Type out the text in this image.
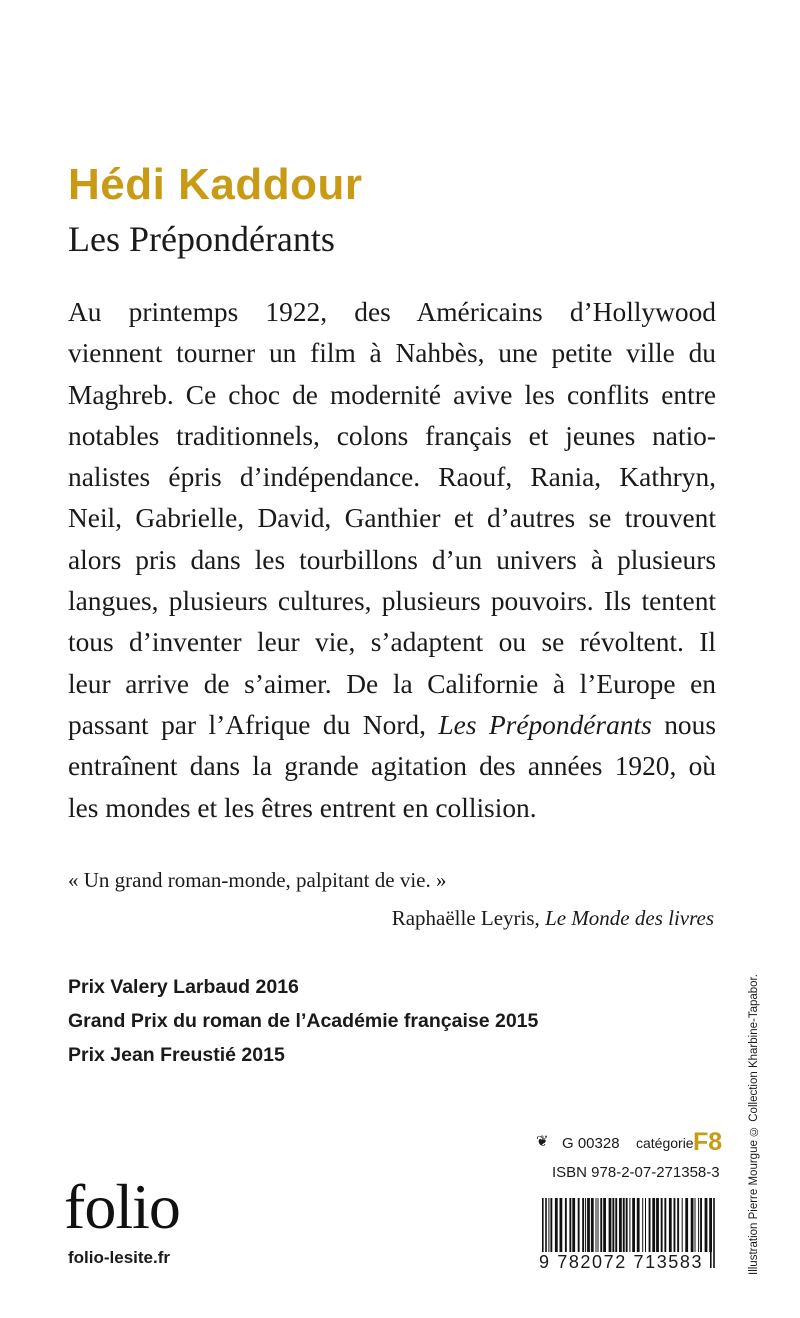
Hédi Kaddour
Les Prépondérants
Au printemps 1922, des Américains d’Hollywood
viennent tourner un film à Nahbès, une petite ville du
Maghreb. Ce choc de modernité avive les conflits entre
notables traditionnels, colons français et jeunes natio-
nalistes épris d’indépendance. Raouf, Rania, Kathryn,
Neil, Gabrielle, David, Ganthier et d’autres se trouvent
alors pris dans les tourbillons d’un univers à plusieurs
langues, plusieurs cultures, plusieurs pouvoirs. Ils tentent
tous d’inventer leur vie, s’adaptent ou se révoltent. Il
leur arrive de s’aimer. De la Californie à l’Europe en
passant par l’Afrique du Nord, Les Prépondérants nous
entraînent dans la grande agitation des années 1920, où
les mondes et les êtres entrent en collision.
« Un grand roman-monde, palpitant de vie. »
Raphaëlle Leyris, Le Monde des livres
Prix Valery Larbaud 2016
Grand Prix du roman de l’Académie française 2015
Prix Jean Freustié 2015
folio
folio-lesite.fr
❦ G 00328 catégorie F8
ISBN 978-2-07-271358-3
9 782072 713583	Illustration Pierre Mourgue © Collection Kharbine-Tapabor.
